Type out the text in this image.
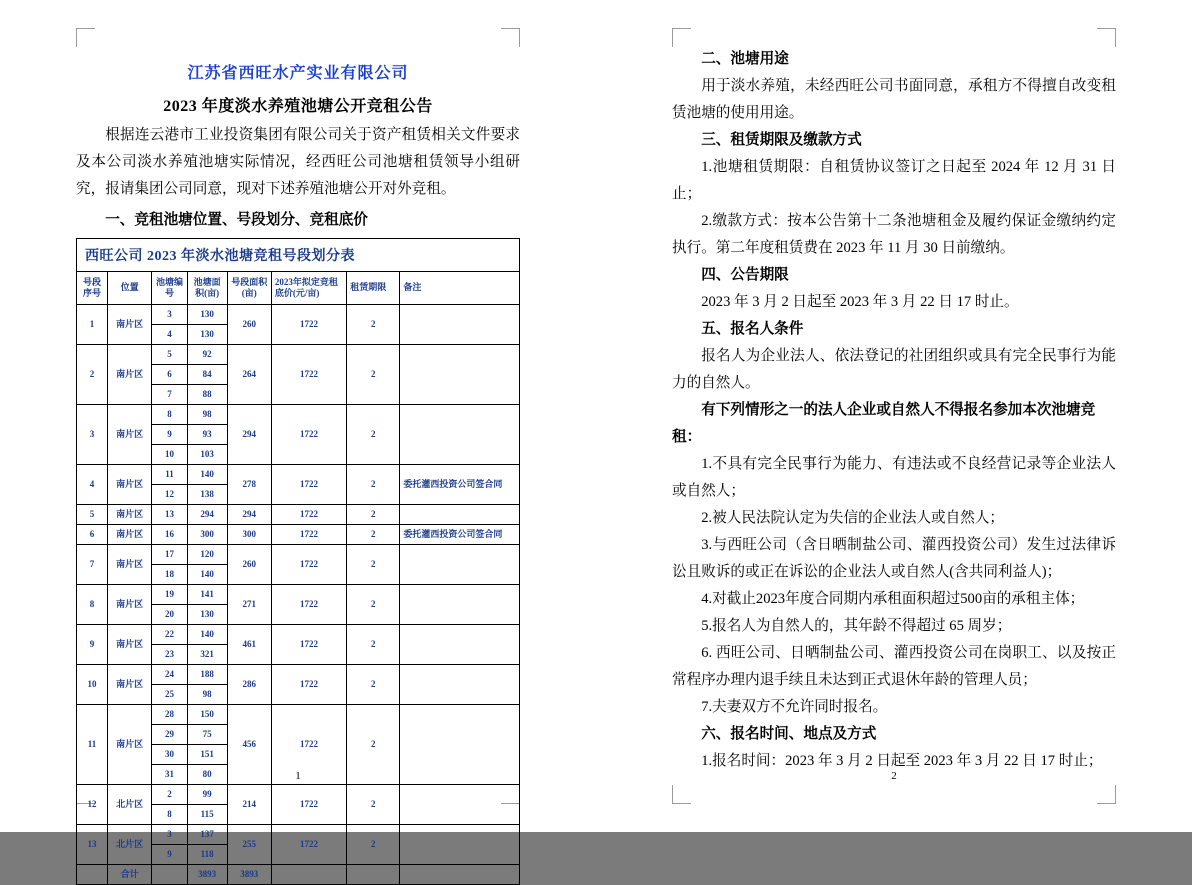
江苏省西旺水产实业有限公司
2023 年度淡水养殖池塘公开竞租公告

根据连云港市工业投资集团有限公司关于资产租赁相关文件要求及本公司淡水养殖池塘实际情况，经西旺公司池塘租赁领导小组研究，报请集团公司同意，现对下述养殖池塘公开对外竞租。

一、竞租池塘位置、号段划分、竞租底价
西旺公司 2023 年淡水池塘竞租号段划分表
号段序号	位置	池塘编号	池塘面积(亩)	号段面积(亩)	2023年拟定竞租底价(元/亩)	租赁期限	备注
1	南片区	3	130	260	1722	2	
		4	130				
2	南片区	5	92	264	1722	2	
		6	84				
		7	88				
3	南片区	8	98	294	1722	2	
		9	93				
		10	103				
4	南片区	11	140	278	1722	2	委托灌西投资公司签合同
		12	138				
5	南片区	13	294	294	1722	2	
6	南片区	16	300	300	1722	2	委托灌西投资公司签合同
7	南片区	17	120	260	1722	2	
		18	140				
8	南片区	19	141	271	1722	2	
		20	130				
9	南片区	22	140	461	1722	2	
		23	321				
10	南片区	24	188	286	1722	2	
		25	98				
11	南片区	28	150	456	1722	2	
		29	75				
		30	151				
		31	80				
12	北片区	2	99	214	1722	2	
		8	115				
13	北片区	3	137	255	1722	2	
		9	118				
	合计		3893	3893			
1
二、池塘用途

用于淡水养殖，未经西旺公司书面同意，承租方不得擅自改变租赁池塘的使用用途。

三、租赁期限及缴款方式

1.池塘租赁期限：自租赁协议签订之日起至 2024 年 12 月 31 日止；

2.缴款方式：按本公告第十二条池塘租金及履约保证金缴纳约定执行。第二年度租赁费在 2023 年 11 月 30 日前缴纳。

四、公告期限

2023 年 3 月 2 日起至 2023 年 3 月 22 日 17 时止。

五、报名人条件

报名人为企业法人、依法登记的社团组织或具有完全民事行为能力的自然人。

有下列情形之一的法人企业或自然人不得报名参加本次池塘竞租：

1.不具有完全民事行为能力、有违法或不良经营记录等企业法人或自然人；

2.被人民法院认定为失信的企业法人或自然人；

3.与西旺公司（含日晒制盐公司、灌西投资公司）发生过法律诉讼且败诉的或正在诉讼的企业法人或自然人(含共同利益人)；

4.对截止2023年度合同期内承租面积超过500亩的承租主体；

5.报名人为自然人的，其年龄不得超过 65 周岁；

6. 西旺公司、日晒制盐公司、灌西投资公司在岗职工、以及按正常程序办理内退手续且未达到正式退休年龄的管理人员；

7.夫妻双方不允许同时报名。

六、报名时间、地点及方式

1.报名时间：2023 年 3 月 2 日起至 2023 年 3 月 22 日 17 时止；

2
